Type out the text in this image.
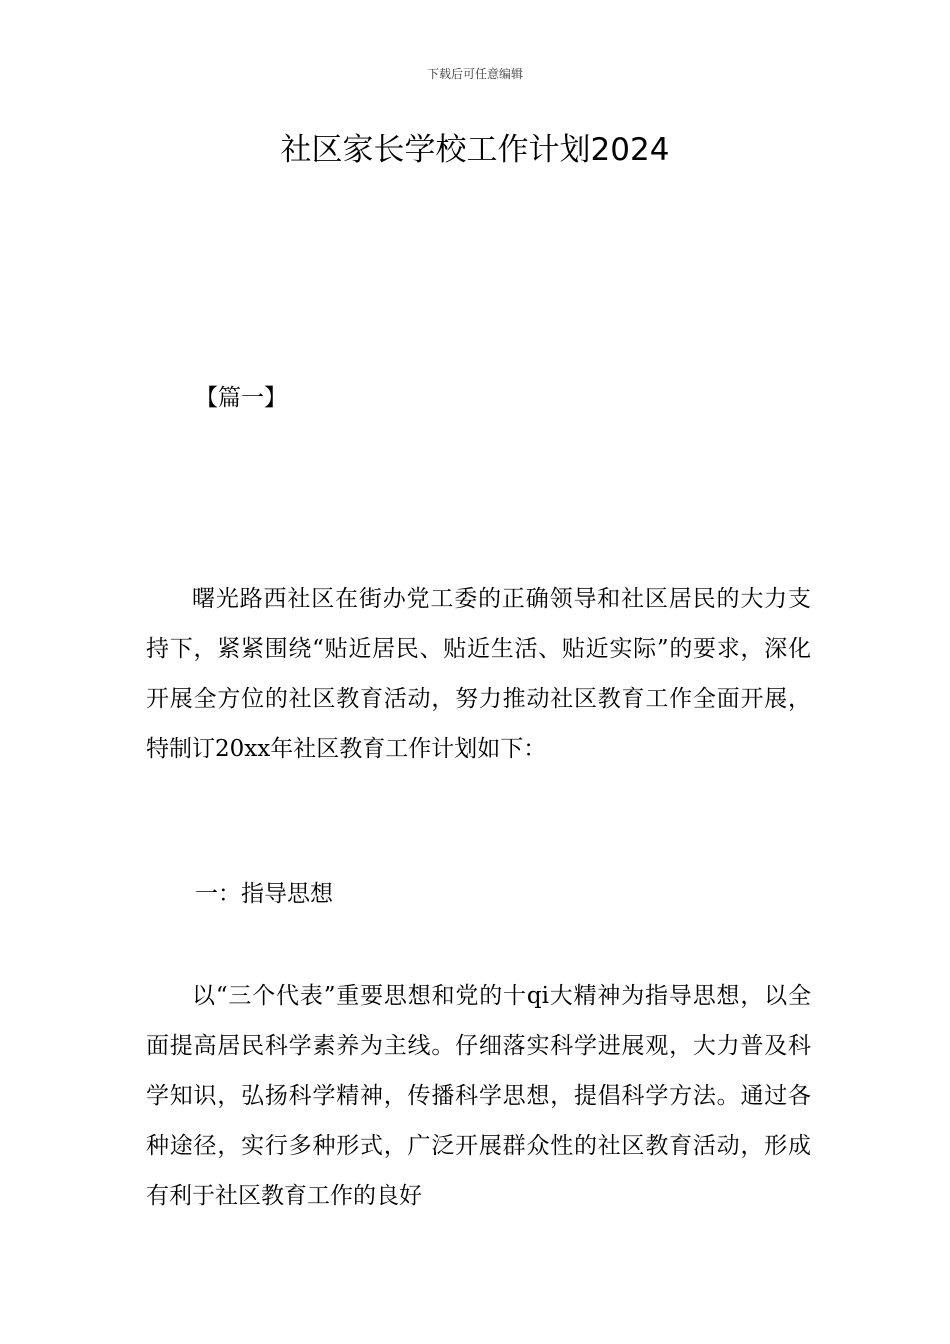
下载后可任意编辑
社区家长学校工作计划2024
【篇一】

曙光路西社区在街办党工委的正确领导和社区居民的大力支持下，紧紧围绕“贴近居民、贴近生活、贴近实际”的要求，深化开展全方位的社区教育活动，努力推动社区教育工作全面开展，特制订20xx年社区教育工作计划如下：

一：指导思想

以“三个代表”重要思想和党的十qi大精神为指导思想，以全面提高居民科学素养为主线。仔细落实科学进展观，大力普及科学知识，弘扬科学精神，传播科学思想，提倡科学方法。通过各种途径，实行多种形式，广泛开展群众性的社区教育活动，形成有利于社区教育工作的良好
